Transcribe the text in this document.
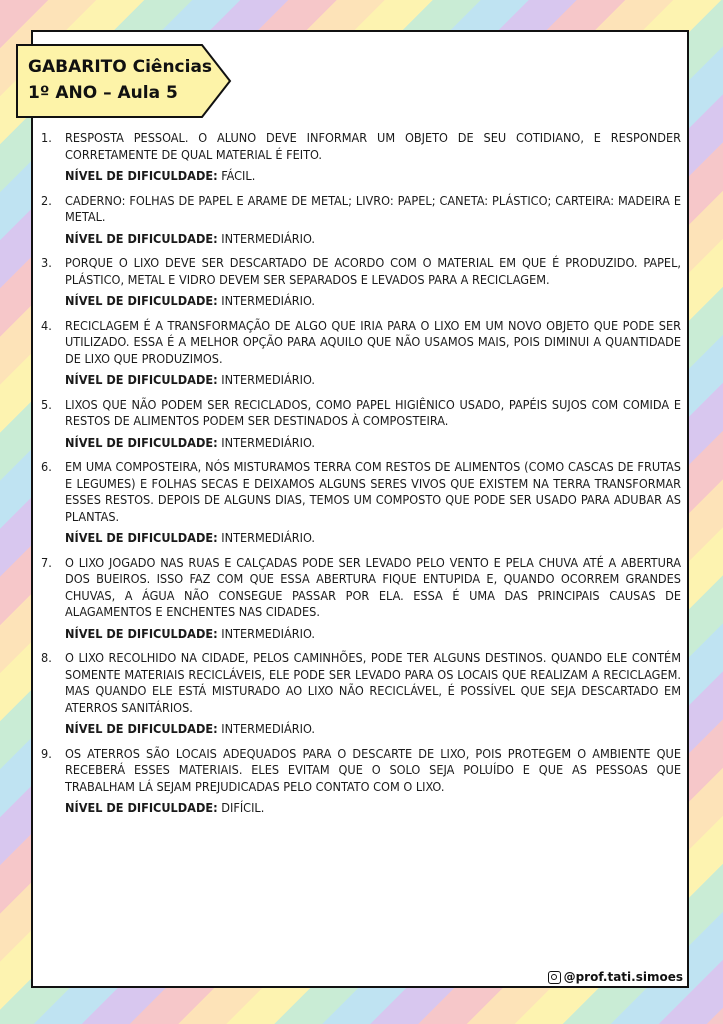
GABARITO Ciências
1º ANO – Aula 5
1.	RESPOSTA PESSOAL. O ALUNO DEVE INFORMAR UM OBJETO DE SEU COTIDIANO, E RESPONDER CORRETAMENTE DE QUAL MATERIAL É FEITO.

NÍVEL DE DIFICULDADE: FÁCIL.

2.	CADERNO: FOLHAS DE PAPEL E ARAME DE METAL; LIVRO: PAPEL; CANETA: PLÁSTICO; CARTEIRA: MADEIRA E METAL.

NÍVEL DE DIFICULDADE: INTERMEDIÁRIO.

3.	PORQUE O LIXO DEVE SER DESCARTADO DE ACORDO COM O MATERIAL EM QUE É PRODUZIDO. PAPEL, PLÁSTICO, METAL E VIDRO DEVEM SER SEPARADOS E LEVADOS PARA A RECICLAGEM.

NÍVEL DE DIFICULDADE: INTERMEDIÁRIO.

4.	RECICLAGEM É A TRANSFORMAÇÃO DE ALGO QUE IRIA PARA O LIXO EM UM NOVO OBJETO QUE PODE SER UTILIZADO. ESSA É A MELHOR OPÇÃO PARA AQUILO QUE NÃO USAMOS MAIS, POIS DIMINUI A QUANTIDADE DE LIXO QUE PRODUZIMOS.

NÍVEL DE DIFICULDADE: INTERMEDIÁRIO.

5.	LIXOS QUE NÃO PODEM SER RECICLADOS, COMO PAPEL HIGIÊNICO USADO, PAPÉIS SUJOS COM COMIDA E RESTOS DE ALIMENTOS PODEM SER DESTINADOS À COMPOSTEIRA.

NÍVEL DE DIFICULDADE: INTERMEDIÁRIO.

6.	EM UMA COMPOSTEIRA, NÓS MISTURAMOS TERRA COM RESTOS DE ALIMENTOS (COMO CASCAS DE FRUTAS E LEGUMES) E FOLHAS SECAS E DEIXAMOS ALGUNS SERES VIVOS QUE EXISTEM NA TERRA TRANSFORMAR ESSES RESTOS. DEPOIS DE ALGUNS DIAS, TEMOS UM COMPOSTO QUE PODE SER USADO PARA ADUBAR AS PLANTAS.

NÍVEL DE DIFICULDADE: INTERMEDIÁRIO.

7.	O LIXO JOGADO NAS RUAS E CALÇADAS PODE SER LEVADO PELO VENTO E PELA CHUVA ATÉ A ABERTURA DOS BUEIROS. ISSO FAZ COM QUE ESSA ABERTURA FIQUE ENTUPIDA E, QUANDO OCORREM GRANDES CHUVAS, A ÁGUA NÃO CONSEGUE PASSAR POR ELA. ESSA É UMA DAS PRINCIPAIS CAUSAS DE ALAGAMENTOS E ENCHENTES NAS CIDADES.

NÍVEL DE DIFICULDADE: INTERMEDIÁRIO.

8.	O LIXO RECOLHIDO NA CIDADE, PELOS CAMINHÕES, PODE TER ALGUNS DESTINOS. QUANDO ELE CONTÉM SOMENTE MATERIAIS RECICLÁVEIS, ELE PODE SER LEVADO PARA OS LOCAIS QUE REALIZAM A RECICLAGEM. MAS QUANDO ELE ESTÁ MISTURADO AO LIXO NÃO RECICLÁVEL, É POSSÍVEL QUE SEJA DESCARTADO EM ATERROS SANITÁRIOS.

NÍVEL DE DIFICULDADE: INTERMEDIÁRIO.

9.	OS ATERROS SÃO LOCAIS ADEQUADOS PARA O DESCARTE DE LIXO, POIS PROTEGEM O AMBIENTE QUE RECEBERÁ ESSES MATERIAIS. ELES EVITAM QUE O SOLO SEJA POLUÍDO E QUE AS PESSOAS QUE TRABALHAM LÁ SEJAM PREJUDICADAS PELO CONTATO COM O LIXO.

NÍVEL DE DIFICULDADE: DIFÍCIL.

@prof.tati.simoes
